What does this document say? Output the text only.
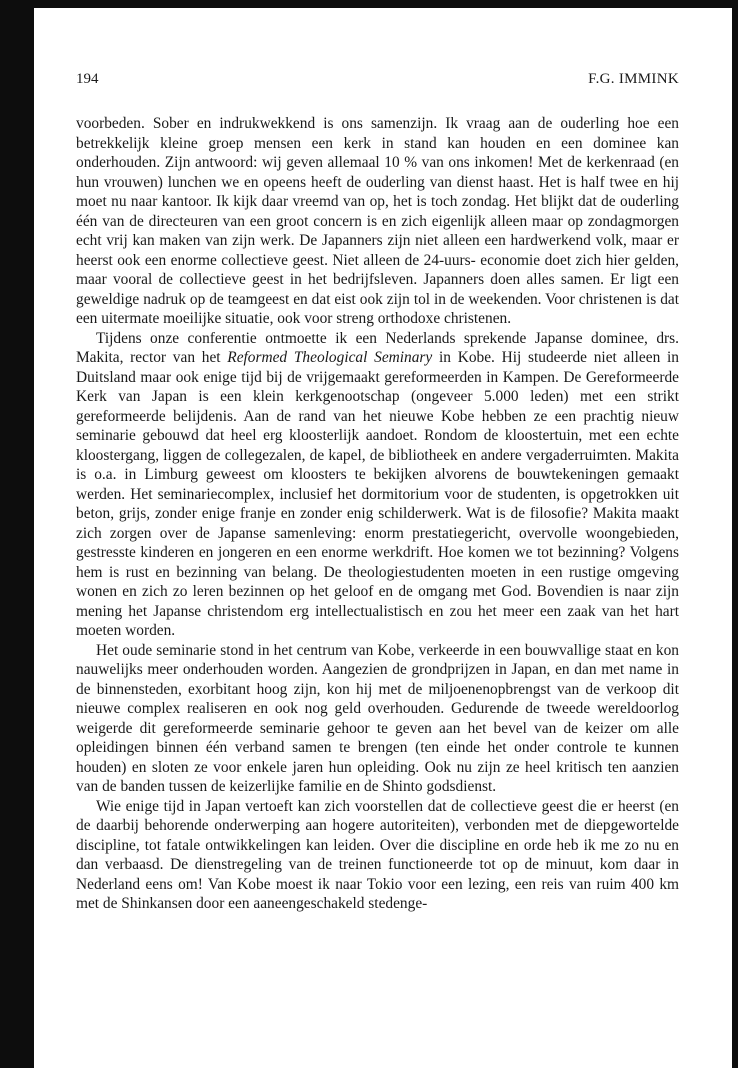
194	F.G. IMMINK

voorbeden. Sober en indrukwekkend is ons samenzijn. Ik vraag aan de ouderling hoe een betrekkelijk kleine groep mensen een kerk in stand kan houden en een dominee kan onderhouden. Zijn antwoord: wij geven allemaal 10 % van ons inkomen! Met de kerkenraad (en hun vrouwen) lunchen we en opeens heeft de ouderling van dienst haast. Het is half twee en hij moet nu naar kantoor. Ik kijk daar vreemd van op, het is toch zondag. Het blijkt dat de ouderling één van de directeuren van een groot concern is en zich eigenlijk alleen maar op zondagmorgen echt vrij kan maken van zijn werk. De Japanners zijn niet alleen een hardwerkend volk, maar er heerst ook een enorme collectieve geest. Niet alleen de 24-uurs- economie doet zich hier gelden, maar vooral de collectieve geest in het bedrijfsleven. Japanners doen alles samen. Er ligt een geweldige nadruk op de teamgeest en dat eist ook zijn tol in de weekenden. Voor christenen is dat een uitermate moeilijke situatie, ook voor streng orthodoxe christenen.

Tijdens onze conferentie ontmoette ik een Nederlands sprekende Japanse dominee, drs. Makita, rector van het Reformed Theological Seminary in Kobe. Hij studeerde niet alleen in Duitsland maar ook enige tijd bij de vrijgemaakt gereformeerden in Kampen. De Gereformeerde Kerk van Japan is een klein kerkgenootschap (ongeveer 5.000 leden) met een strikt gereformeerde belijdenis. Aan de rand van het nieuwe Kobe hebben ze een prachtig nieuw seminarie gebouwd dat heel erg kloosterlijk aandoet. Rondom de kloostertuin, met een echte kloostergang, liggen de collegezalen, de kapel, de bibliotheek en andere vergaderruimten. Makita is o.a. in Limburg geweest om kloosters te bekijken alvorens de bouwtekeningen gemaakt werden. Het seminariecomplex, inclusief het dormitorium voor de studenten, is opgetrokken uit beton, grijs, zonder enige franje en zonder enig schilderwerk. Wat is de filosofie? Makita maakt zich zorgen over de Japanse samenleving: enorm prestatiegericht, overvolle woongebieden, gestresste kinderen en jongeren en een enorme werkdrift. Hoe komen we tot bezinning? Volgens hem is rust en bezinning van belang. De theologiestudenten moeten in een rustige omgeving wonen en zich zo leren bezinnen op het geloof en de omgang met God. Bovendien is naar zijn mening het Japanse christendom erg intellectualistisch en zou het meer een zaak van het hart moeten worden.

Het oude seminarie stond in het centrum van Kobe, verkeerde in een bouwvallige staat en kon nauwelijks meer onderhouden worden. Aangezien de grondprijzen in Japan, en dan met name in de binnensteden, exorbitant hoog zijn, kon hij met de miljoenenopbrengst van de verkoop dit nieuwe complex realiseren en ook nog geld overhouden. Gedurende de tweede wereldoorlog weigerde dit gereformeerde seminarie gehoor te geven aan het bevel van de keizer om alle opleidingen binnen één verband samen te brengen (ten einde het onder controle te kunnen houden) en sloten ze voor enkele jaren hun opleiding. Ook nu zijn ze heel kritisch ten aanzien van de banden tussen de keizerlijke familie en de Shinto godsdienst.

Wie enige tijd in Japan vertoeft kan zich voorstellen dat de collectieve geest die er heerst (en de daarbij behorende onderwerping aan hogere autoriteiten), verbonden met de diepgewortelde discipline, tot fatale ontwikkelingen kan leiden. Over die discipline en orde heb ik me zo nu en dan verbaasd. De dienstregeling van de treinen functioneerde tot op de minuut, kom daar in Nederland eens om! Van Kobe moest ik naar Tokio voor een lezing, een reis van ruim 400 km met de Shinkansen door een aaneengeschakeld stedenge-
